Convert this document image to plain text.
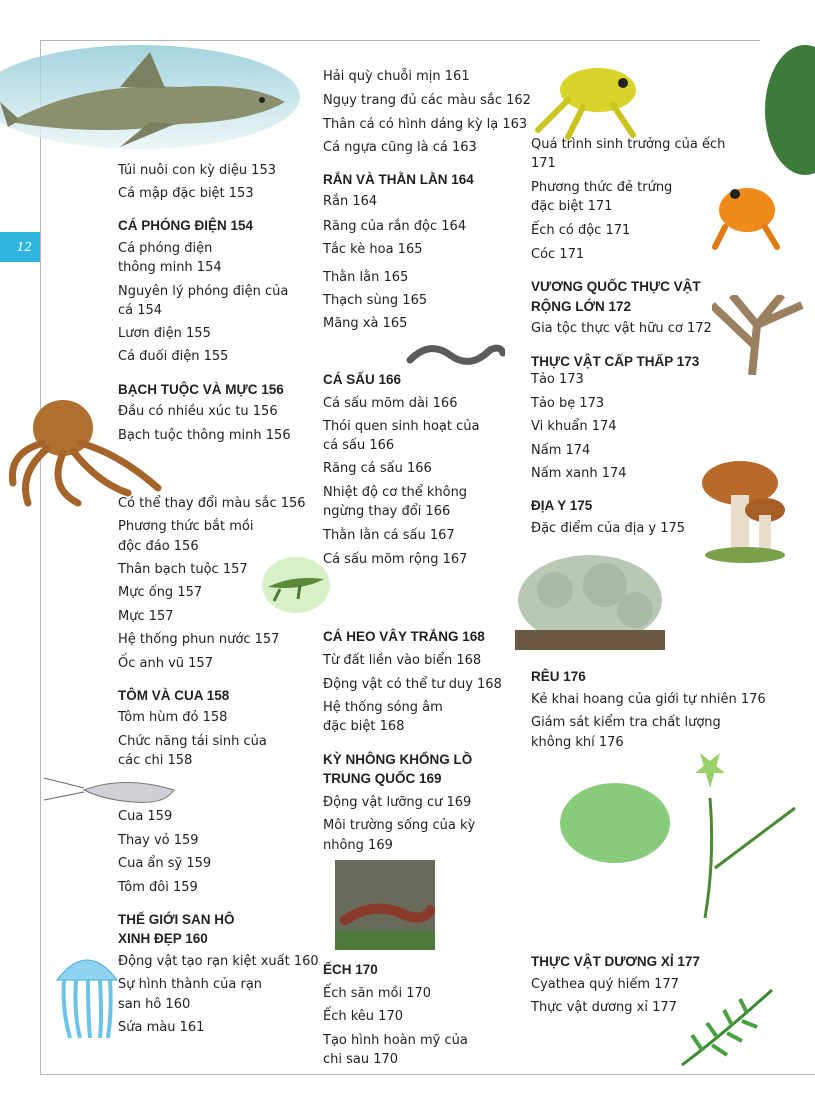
12
Túi nuôi con kỳ diệu 153
Cá mập đặc biệt 153
CÁ PHÓNG ĐIỆN 154
Cá phóng điện
thông minh 154
Nguyên lý phóng điện của
cá 154
Lươn điện 155
Cá đuối điện 155
BẠCH TUỘC VÀ MỰC 156
Đầu có nhiều xúc tu 156
Bạch tuộc thông minh 156
Có thể thay đổi màu sắc 156
Phương thức bắt mồi
độc đáo 156
Thân bạch tuộc 157
Mực ống 157
Mực 157
Hệ thống phun nước 157
Ốc anh vũ 157
TÔM VÀ CUA 158
Tôm hùm đỏ 158
Chức năng tái sinh của
các chi 158
Cua 159
Thay vỏ 159
Cua ẩn sỹ 159
Tôm đôi 159
THẾ GIỚI SAN HÔ
XINH ĐẸP 160
Động vật tạo rạn kiệt xuất 160
Sự hình thành của rạn
san hô 160
Sứa màu 161
Hải quỳ chuỗi mịn 161
Ngụy trang đủ các màu sắc 162
Thân cá có hình dáng kỳ lạ 163
Cá ngựa cũng là cá 163
RẮN VÀ THẰN LẰN 164
Rắn 164
Răng của rắn độc 164
Tắc kè hoa 165
Thằn lằn 165
Thạch sùng 165
Mãng xà 165
CÁ SẤU 166
Cá sấu mõm dài 166
Thói quen sinh hoạt của
cá sấu 166
Răng cá sấu 166
Nhiệt độ cơ thể không
ngừng thay đổi 166
Thằn lằn cá sấu 167
Cá sấu mõm rộng 167
CÁ HEO VÂY TRẮNG 168
Từ đất liền vào biển 168
Động vật có thể tư duy 168
Hệ thống sóng âm
đặc biệt 168
KỲ NHÔNG KHỔNG LỒ
TRUNG QUỐC 169
Động vật lưỡng cư 169
Môi trường sống của kỳ
nhông 169
ẾCH 170
Ếch săn mồi 170
Ếch kêu 170
Tạo hình hoàn mỹ của
chi sau 170
Quá trình sinh trưởng của ếch
171
Phương thức đẻ trứng
đặc biệt 171
Ếch có độc 171
Cóc 171
VƯƠNG QUỐC THỰC VẬT
RỘNG LỚN 172
Gia tộc thực vật hữu cơ 172
THỰC VẬT CẤP THẤP 173
Tảo 173
Tảo bẹ 173
Vi khuẩn 174
Nấm 174
Nấm xanh 174
ĐỊA Y 175
Đặc điểm của địa y 175
RÊU 176
Kẻ khai hoang của giới tự nhiên 176
Giám sát kiểm tra chất lượng
không khí 176
THỰC VẬT DƯƠNG XỈ 177
Cyathea quý hiếm 177
Thực vật dương xỉ 177
